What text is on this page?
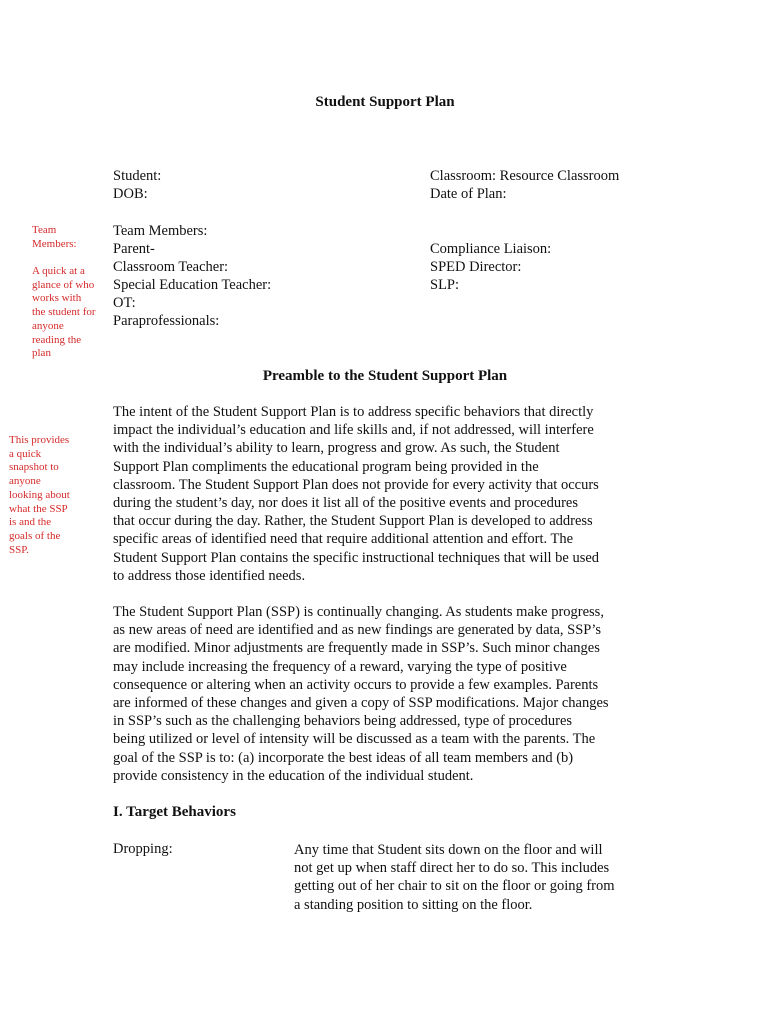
Student Support Plan
Student:
DOB:
Classroom: Resource Classroom
Date of Plan:
Team Members:
Parent-
Classroom Teacher:
Special Education Teacher:
OT:
Paraprofessionals:
Compliance Liaison:
SPED Director:
SLP:
Team
Members:
A quick at a
glance of who
works with
the student for
anyone
reading the
plan
This provides
a quick
snapshot to
anyone
looking about
what the SSP
is and the
goals of the
SSP.
Preamble to the Student Support Plan

The intent of the Student Support Plan is to address specific behaviors that directly

impact the individual’s education and life skills and, if not addressed, will interfere

with the individual’s ability to learn, progress and grow. As such, the Student

Support Plan compliments the educational program being provided in the

classroom. The Student Support Plan does not provide for every activity that occurs

during the student’s day, nor does it list all of the positive events and procedures

that occur during the day. Rather, the Student Support Plan is developed to address

specific areas of identified need that require additional attention and effort. The

Student Support Plan contains the specific instructional techniques that will be used

to address those identified needs.

The Student Support Plan (SSP) is continually changing. As students make progress,

as new areas of need are identified and as new findings are generated by data, SSP’s

are modified. Minor adjustments are frequently made in SSP’s. Such minor changes

may include increasing the frequency of a reward, varying the type of positive

consequence or altering when an activity occurs to provide a few examples. Parents

are informed of these changes and given a copy of SSP modifications. Major changes

in SSP’s such as the challenging behaviors being addressed, type of procedures

being utilized or level of intensity will be discussed as a team with the parents. The

goal of the SSP is to: (a) incorporate the best ideas of all team members and (b)

provide consistency in the education of the individual student.

I. Target Behaviors
Dropping:	Any time that Student sits down on the floor and will
not get up when staff direct her to do so. This includes
getting out of her chair to sit on the floor or going from
a standing position to sitting on the floor.
